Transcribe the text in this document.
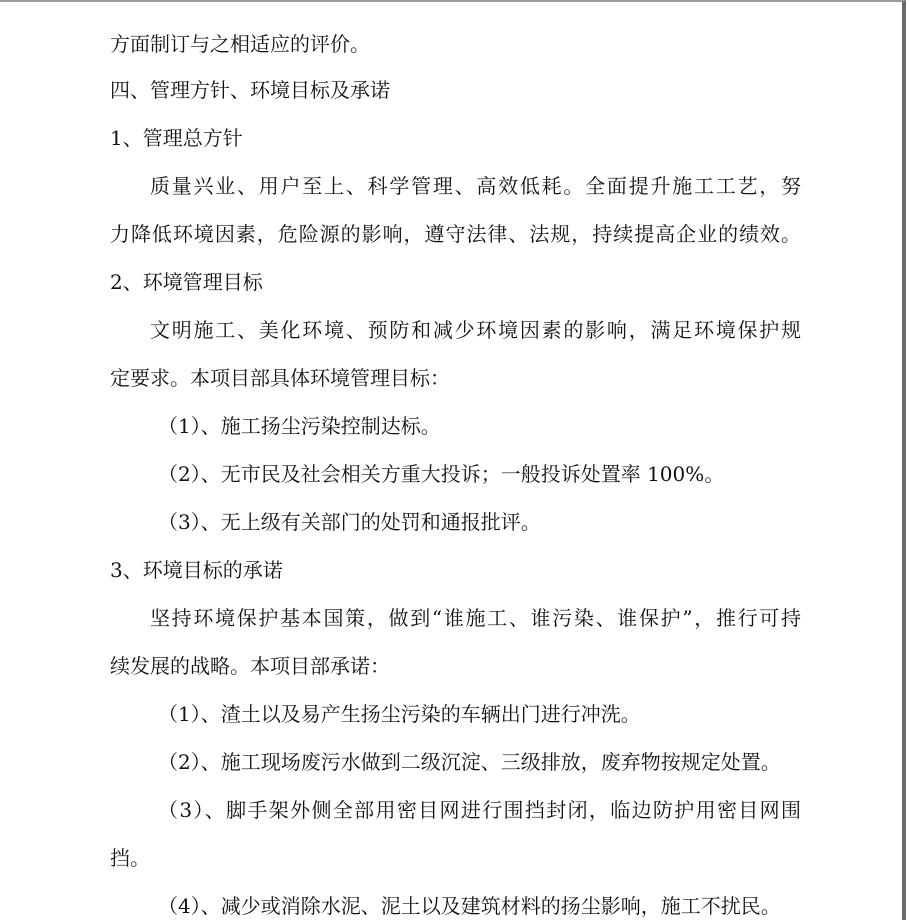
方面制订与之相适应的评价。
四、管理方针、环境目标及承诺
1、管理总方针
质量兴业、用户至上、科学管理、高效低耗。全面提升施工工艺，努
力降低环境因素，危险源的影响，遵守法律、法规，持续提高企业的绩效。
2、环境管理目标
文明施工、美化环境、预防和减少环境因素的影响，满足环境保护规
定要求。本项目部具体环境管理目标：
（1）、施工扬尘污染控制达标。
（2）、无市民及社会相关方重大投诉；一般投诉处置率 100%。
（3）、无上级有关部门的处罚和通报批评。
3、环境目标的承诺
坚持环境保护基本国策，做到“谁施工、谁污染、谁保护”，推行可持
续发展的战略。本项目部承诺：
（1）、渣土以及易产生扬尘污染的车辆出门进行冲洗。
（2）、施工现场废污水做到二级沉淀、三级排放，废弃物按规定处置。
（3）、脚手架外侧全部用密目网进行围挡封闭，临边防护用密目网围
挡。
（4）、减少或消除水泥、泥土以及建筑材料的扬尘影响，施工不扰民。
